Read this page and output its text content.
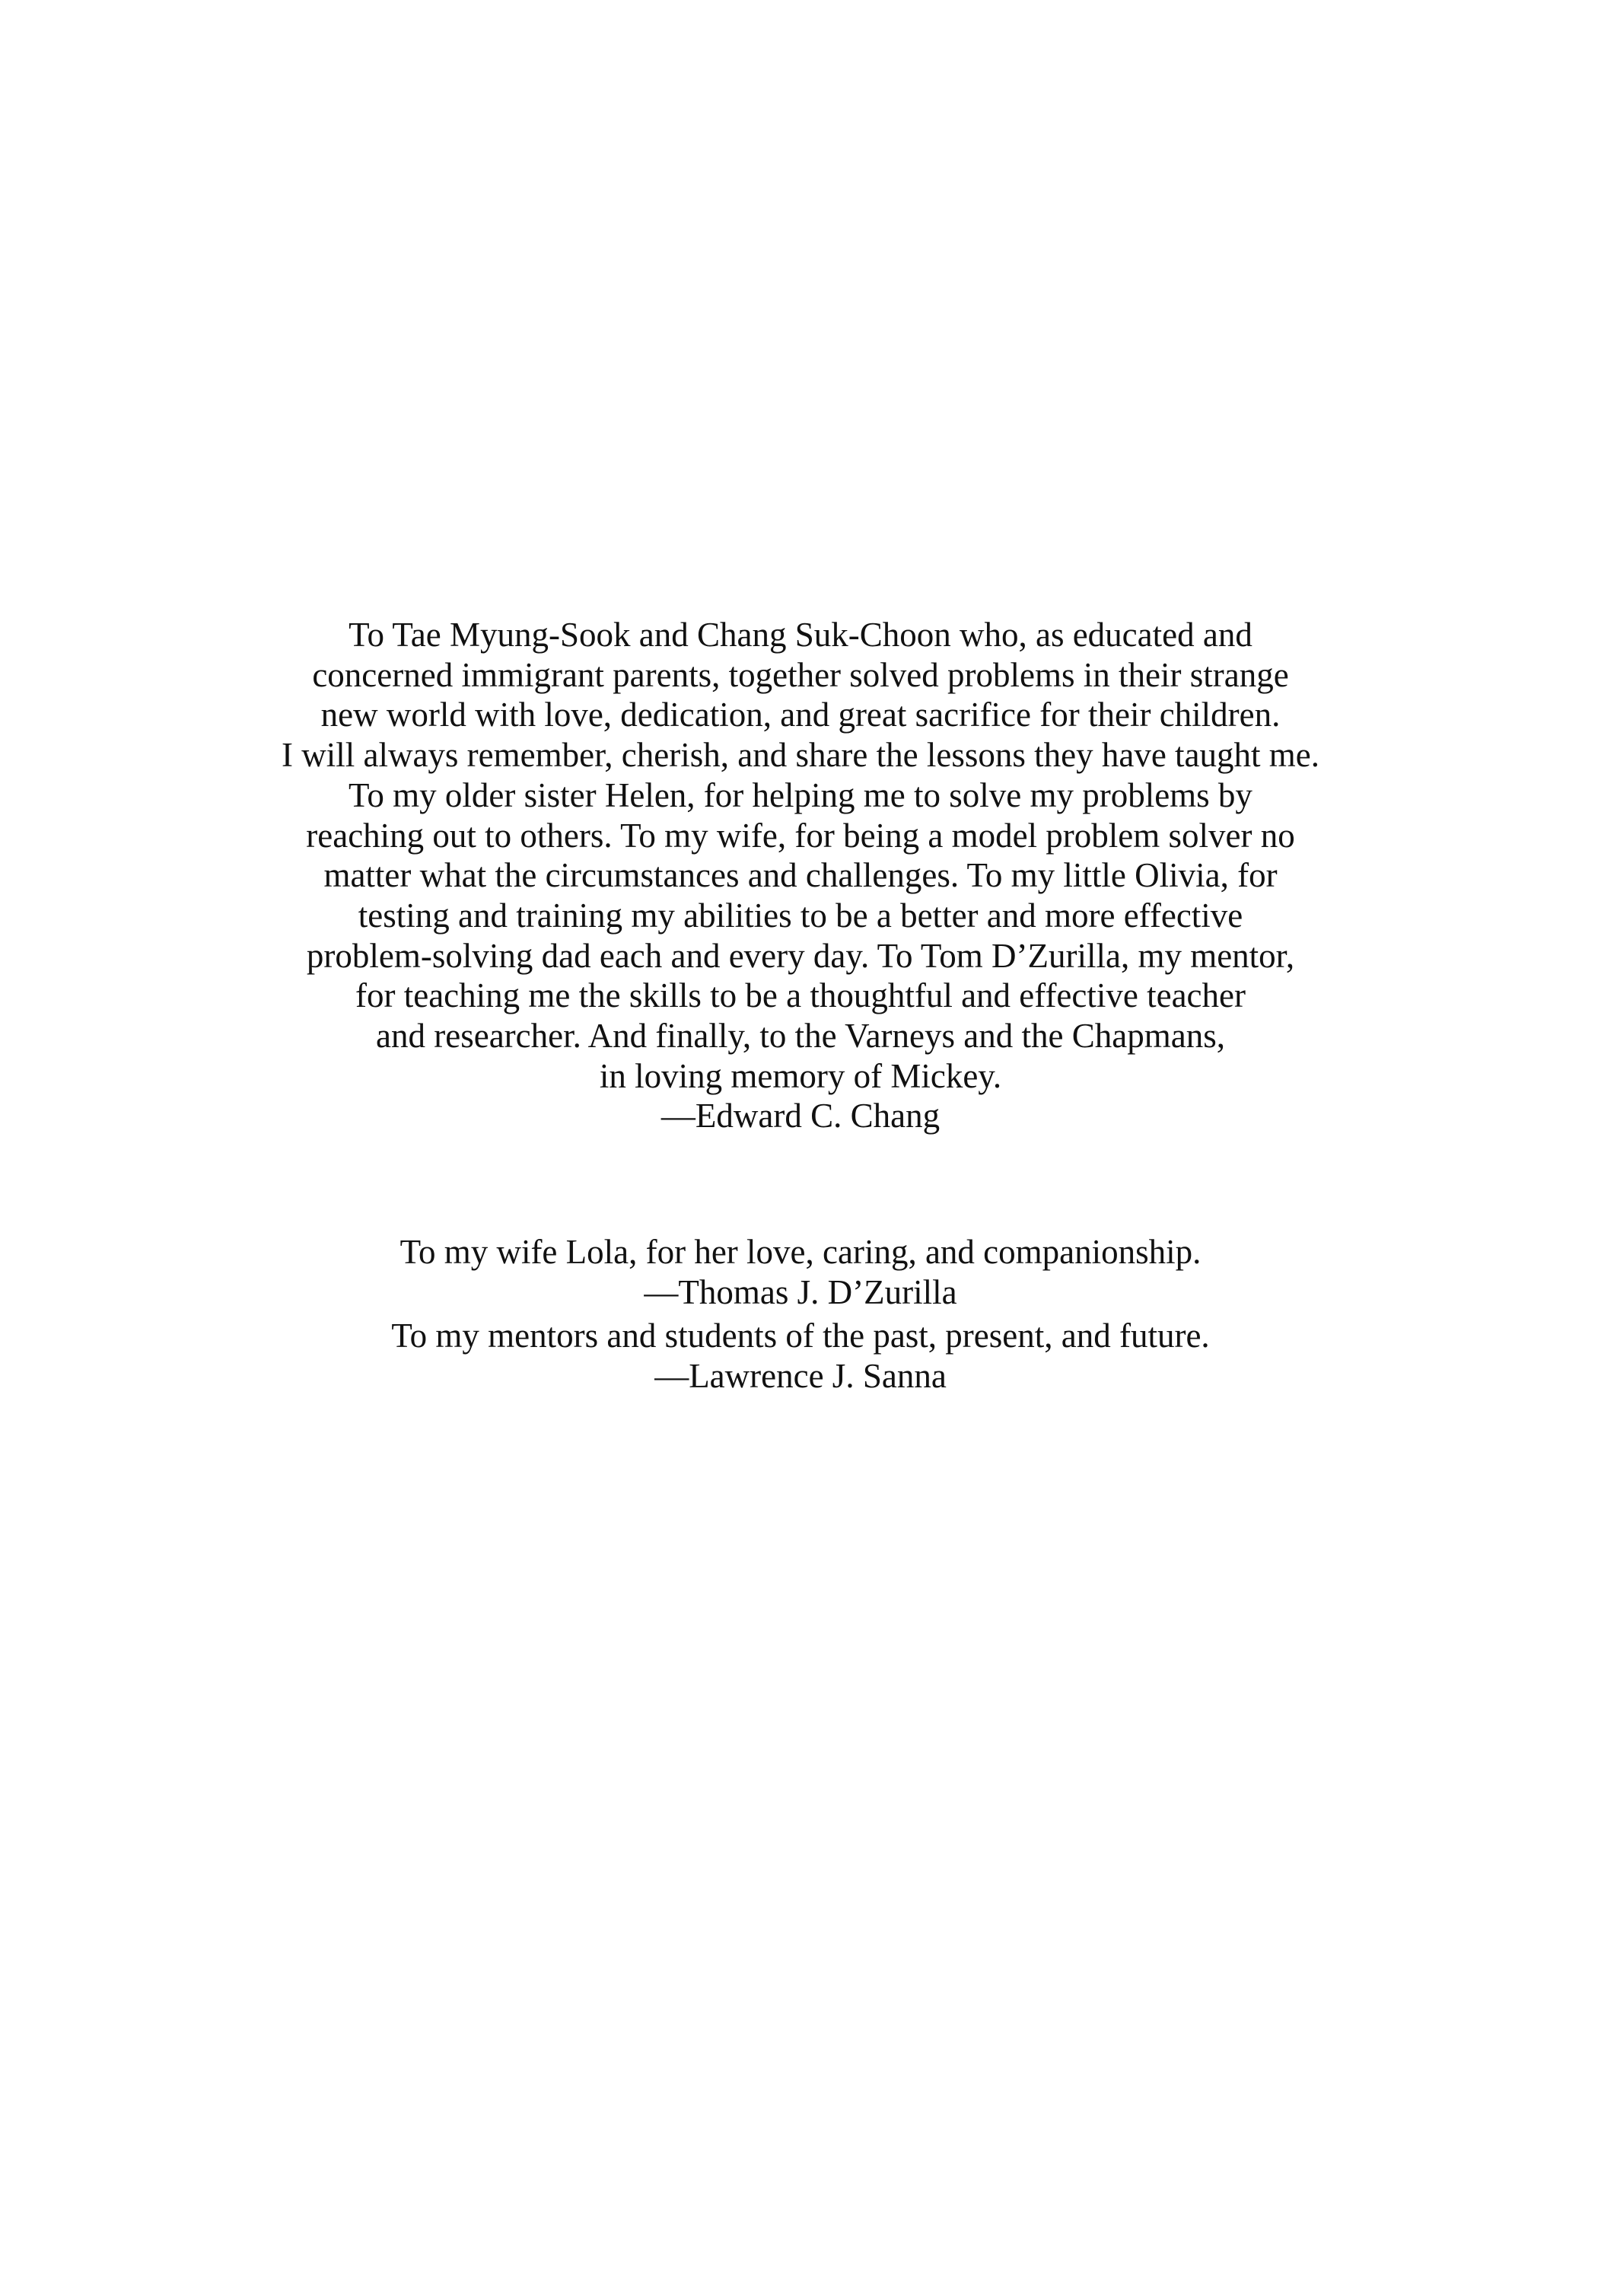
To Tae Myung-Sook and Chang Suk-Choon who, as educated and
concerned immigrant parents, together solved problems in their strange
new world with love, dedication, and great sacrifice for their children.
I will always remember, cherish, and share the lessons they have taught me.
To my older sister Helen, for helping me to solve my problems by
reaching out to others. To my wife, for being a model problem solver no
matter what the circumstances and challenges. To my little Olivia, for
testing and training my abilities to be a better and more effective
problem-solving dad each and every day. To Tom D’Zurilla, my mentor,
for teaching me the skills to be a thoughtful and effective teacher
and researcher. And finally, to the Varneys and the Chapmans,
in loving memory of Mickey.
—Edward C. Chang
To my wife Lola, for her love, caring, and companionship.
—Thomas J. D’Zurilla
To my mentors and students of the past, present, and future.
—Lawrence J. Sanna
